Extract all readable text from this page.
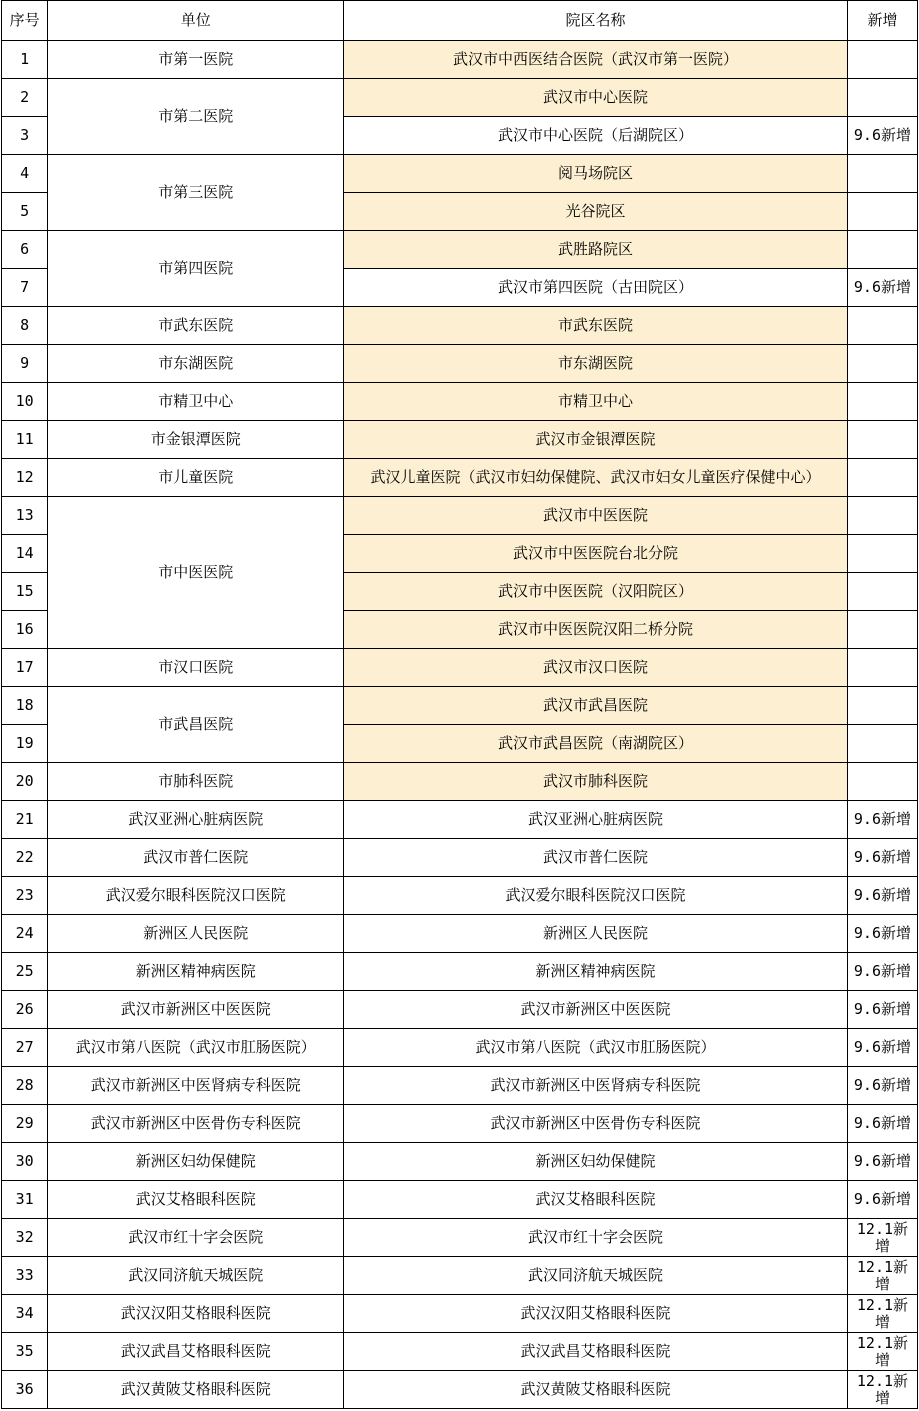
序号	单位	院区名称	新增
1	市第一医院	武汉市中西医结合医院（武汉市第一医院）	
2	市第二医院	武汉市中心医院	
3		武汉市中心医院（后湖院区）	9.6新增
4	市第三医院	阅马场院区	
5		光谷院区	
6	市第四医院	武胜路院区	
7		武汉市第四医院（古田院区）	9.6新增
8	市武东医院	市武东医院	
9	市东湖医院	市东湖医院	
10	市精卫中心	市精卫中心	
11	市金银潭医院	武汉市金银潭医院	
12	市儿童医院	武汉儿童医院（武汉市妇幼保健院、武汉市妇女儿童医疗保健中心）	
13	市中医医院	武汉市中医医院	
14		武汉市中医医院台北分院	
15		武汉市中医医院（汉阳院区）	
16		武汉市中医医院汉阳二桥分院	
17	市汉口医院	武汉市汉口医院	
18	市武昌医院	武汉市武昌医院	
19		武汉市武昌医院（南湖院区）	
20	市肺科医院	武汉市肺科医院	
21	武汉亚洲心脏病医院	武汉亚洲心脏病医院	9.6新增
22	武汉市普仁医院	武汉市普仁医院	9.6新增
23	武汉爱尔眼科医院汉口医院	武汉爱尔眼科医院汉口医院	9.6新增
24	新洲区人民医院	新洲区人民医院	9.6新增
25	新洲区精神病医院	新洲区精神病医院	9.6新增
26	武汉市新洲区中医医院	武汉市新洲区中医医院	9.6新增
27	武汉市第八医院（武汉市肛肠医院）	武汉市第八医院（武汉市肛肠医院）	9.6新增
28	武汉市新洲区中医肾病专科医院	武汉市新洲区中医肾病专科医院	9.6新增
29	武汉市新洲区中医骨伤专科医院	武汉市新洲区中医骨伤专科医院	9.6新增
30	新洲区妇幼保健院	新洲区妇幼保健院	9.6新增
31	武汉艾格眼科医院	武汉艾格眼科医院	9.6新增
32	武汉市红十字会医院	武汉市红十字会医院	12.1新增
33	武汉同济航天城医院	武汉同济航天城医院	12.1新增
34	武汉汉阳艾格眼科医院	武汉汉阳艾格眼科医院	12.1新增
35	武汉武昌艾格眼科医院	武汉武昌艾格眼科医院	12.1新增
36	武汉黄陂艾格眼科医院	武汉黄陂艾格眼科医院	12.1新增
